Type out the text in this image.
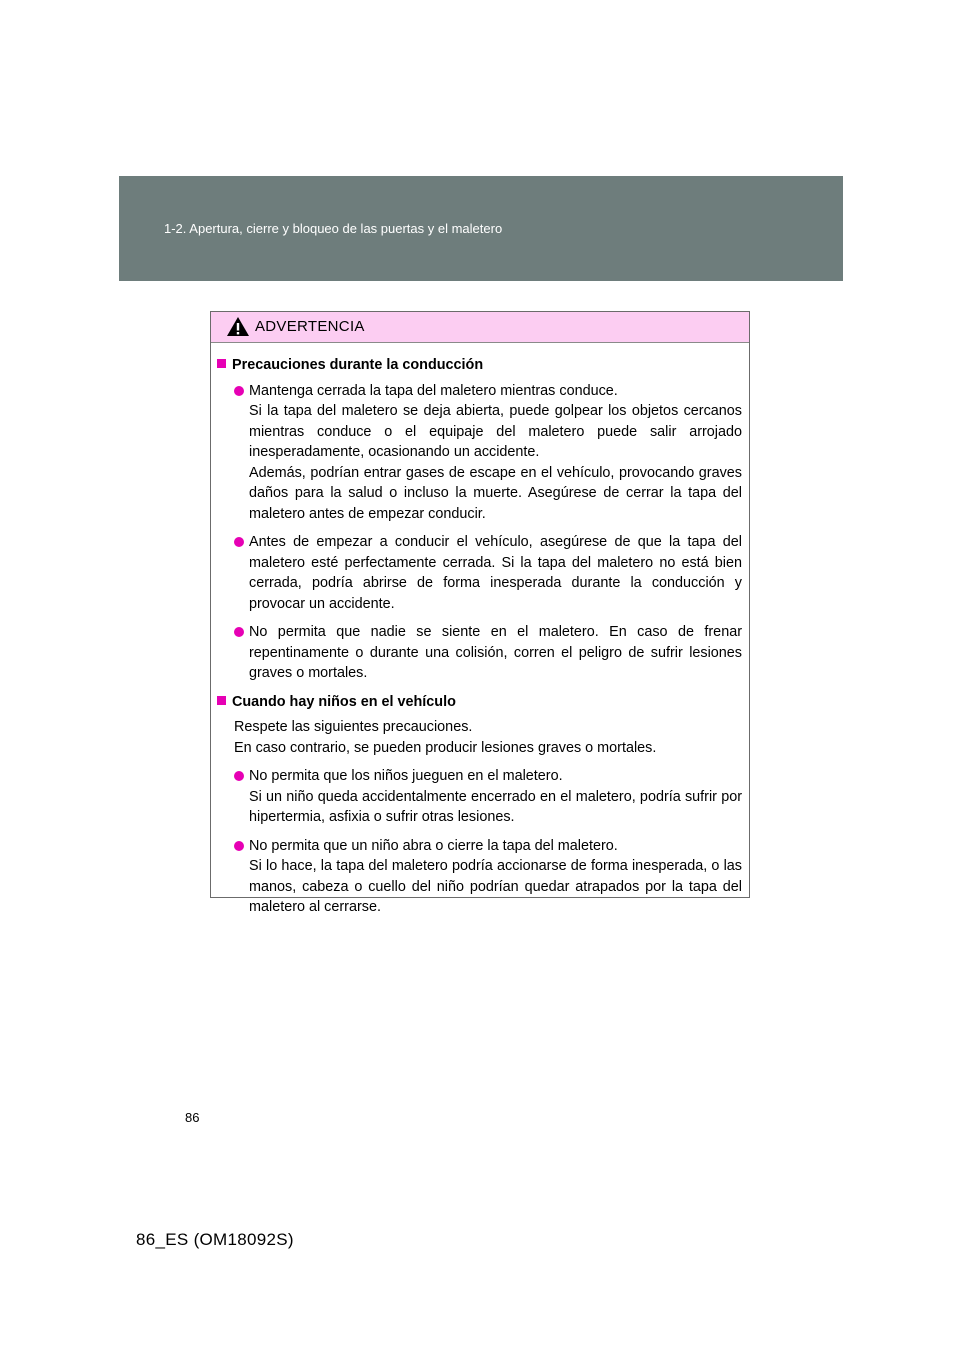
1-2. Apertura, cierre y bloqueo de las puertas y el maletero
ADVERTENCIA
Precauciones durante la conducción

Mantenga cerrada la tapa del maletero mientras conduce.

Si la tapa del maletero se deja abierta, puede golpear los objetos cercanos mientras conduce o el equipaje del maletero puede salir arrojado inesperadamente, ocasionando un accidente.

Además, podrían entrar gases de escape en el vehículo, provocando graves daños para la salud o incluso la muerte. Asegúrese de cerrar la tapa del maletero antes de empezar conducir.

Antes de empezar a conducir el vehículo, asegúrese de que la tapa del maletero esté perfectamente cerrada. Si la tapa del maletero no está bien cerrada, podría abrirse de forma inesperada durante la conducción y provocar un accidente.

No permita que nadie se siente en el maletero. En caso de frenar repentinamente o durante una colisión, corren el peligro de sufrir lesiones graves o mortales.

Cuando hay niños en el vehículo

Respete las siguientes precauciones.

En caso contrario, se pueden producir lesiones graves o mortales.

No permita que los niños jueguen en el maletero.

Si un niño queda accidentalmente encerrado en el maletero, podría sufrir por hipertermia, asfixia o sufrir otras lesiones.

No permita que un niño abra o cierre la tapa del maletero.

Si lo hace, la tapa del maletero podría accionarse de forma inesperada, o las manos, cabeza o cuello del niño podrían quedar atrapados por la tapa del maletero al cerrarse.

86
86_ES (OM18092S)
